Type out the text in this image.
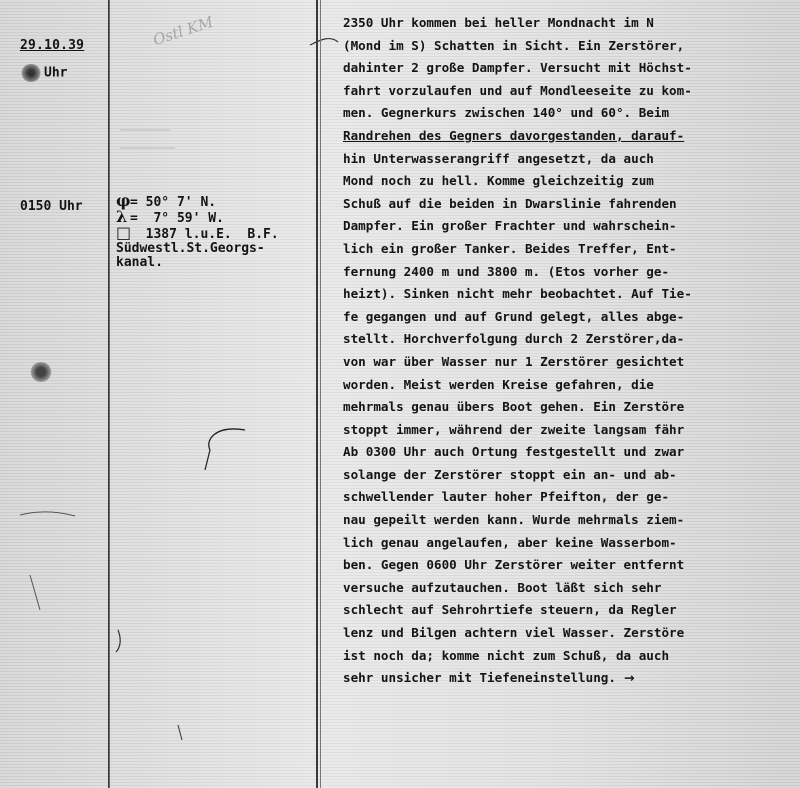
29.10.39
Uhr
0150 Uhr
Ostl KM
φ= 50° 7' N.
λ =  7° 59' W.
□ 1387 l.u.E.  B.F.
Südwestl.St.Georgs-
kanal.
2350 Uhr kommen bei heller Mondnacht im N
(Mond im S) Schatten in Sicht. Ein Zerstörer,
dahinter 2 große Dampfer. Versucht mit Höchst-
fahrt vorzulaufen und auf Mondleeseite zu kom-
men. Gegnerkurs zwischen 140° und 60°. Beim
Randrehen des Gegners davorgestanden, darauf-
hin Unterwasserangriff angesetzt, da auch
Mond noch zu hell. Komme gleichzeitig zum
Schuß auf die beiden in Dwarslinie fahrenden
Dampfer. Ein großer Frachter und wahrschein-
lich ein großer Tanker. Beides Treffer, Ent-
fernung 2400 m und 3800 m. (Etos vorher ge-
heizt). Sinken nicht mehr beobachtet. Auf Tie-
fe gegangen und auf Grund gelegt, alles abge-
stellt. Horchverfolgung durch 2 Zerstörer,da-
von war über Wasser nur 1 Zerstörer gesichtet
worden. Meist werden Kreise gefahren, die
mehrmals genau übers Boot gehen. Ein Zerstöre
stoppt immer, während der zweite langsam fähr
Ab 0300 Uhr auch Ortung festgestellt und zwar
solange der Zerstörer stoppt ein an- und ab-
schwellender lauter hoher Pfeifton, der ge-
nau gepeilt werden kann. Wurde mehrmals ziem-
lich genau angelaufen, aber keine Wasserbom-
ben. Gegen 0600 Uhr Zerstörer weiter entfernt
versuche aufzutauchen. Boot läßt sich sehr
schlecht auf Sehrohrtiefe steuern, da Regler
lenz und Bilgen achtern viel Wasser. Zerstöre
ist noch da; komme nicht zum Schuß, da auch
sehr unsicher mit Tiefeneinstellung. →
